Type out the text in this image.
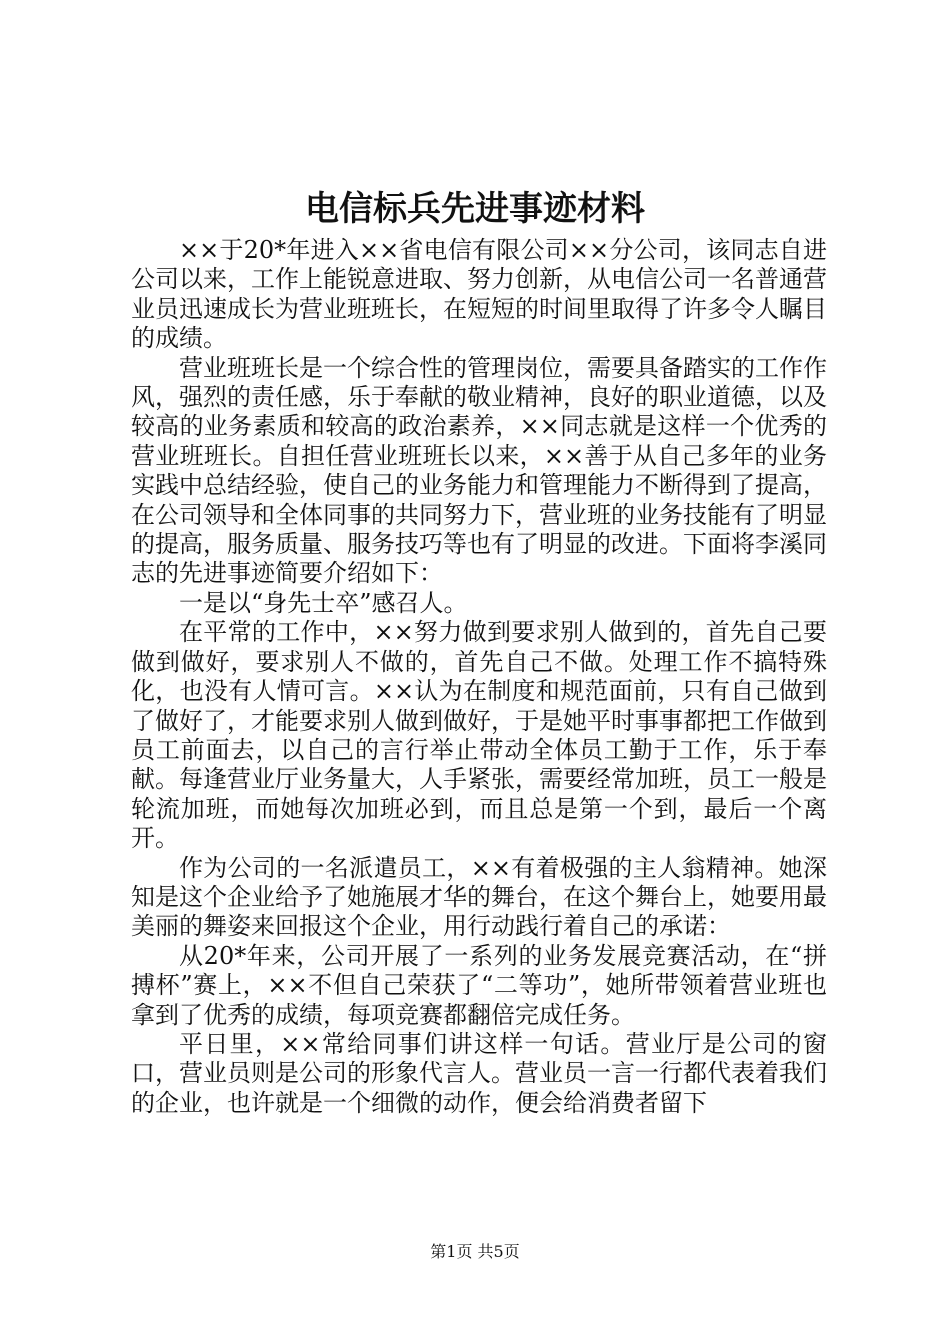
电信标兵先进事迹材料

××于20*年进入××省电信有限公司××分公司，该同志自进公司以来，工作上能锐意进取、努力创新，从电信公司一名普通营业员迅速成长为营业班班长，在短短的时间里取得了许多令人瞩目的成绩。

营业班班长是一个综合性的管理岗位，需要具备踏实的工作作风，强烈的责任感，乐于奉献的敬业精神，良好的职业道德，以及较高的业务素质和较高的政治素养，××同志就是这样一个优秀的营业班班长。自担任营业班班长以来，××善于从自己多年的业务实践中总结经验，使自己的业务能力和管理能力不断得到了提高，在公司领导和全体同事的共同努力下，营业班的业务技能有了明显的提高，服务质量、服务技巧等也有了明显的改进。下面将李溪同志的先进事迹简要介绍如下：

一是以“身先士卒”感召人。

在平常的工作中，××努力做到要求别人做到的，首先自己要做到做好，要求别人不做的，首先自己不做。处理工作不搞特殊化，也没有人情可言。××认为在制度和规范面前，只有自己做到了做好了，才能要求别人做到做好，于是她平时事事都把工作做到员工前面去，以自己的言行举止带动全体员工勤于工作，乐于奉献。每逢营业厅业务量大，人手紧张，需要经常加班，员工一般是轮流加班，而她每次加班必到，而且总是第一个到，最后一个离开。

作为公司的一名派遣员工，××有着极强的主人翁精神。她深知是这个企业给予了她施展才华的舞台，在这个舞台上，她要用最美丽的舞姿来回报这个企业，用行动践行着自己的承诺：

从20*年来，公司开展了一系列的业务发展竞赛活动，在“拼搏杯”赛上，××不但自己荣获了“二等功”，她所带领着营业班也拿到了优秀的成绩，每项竞赛都翻倍完成任务。

平日里，××常给同事们讲这样一句话。营业厅是公司的窗口，营业员则是公司的形象代言人。营业员一言一行都代表着我们的企业，也许就是一个细微的动作，便会给消费者留下

第1页 共5页
